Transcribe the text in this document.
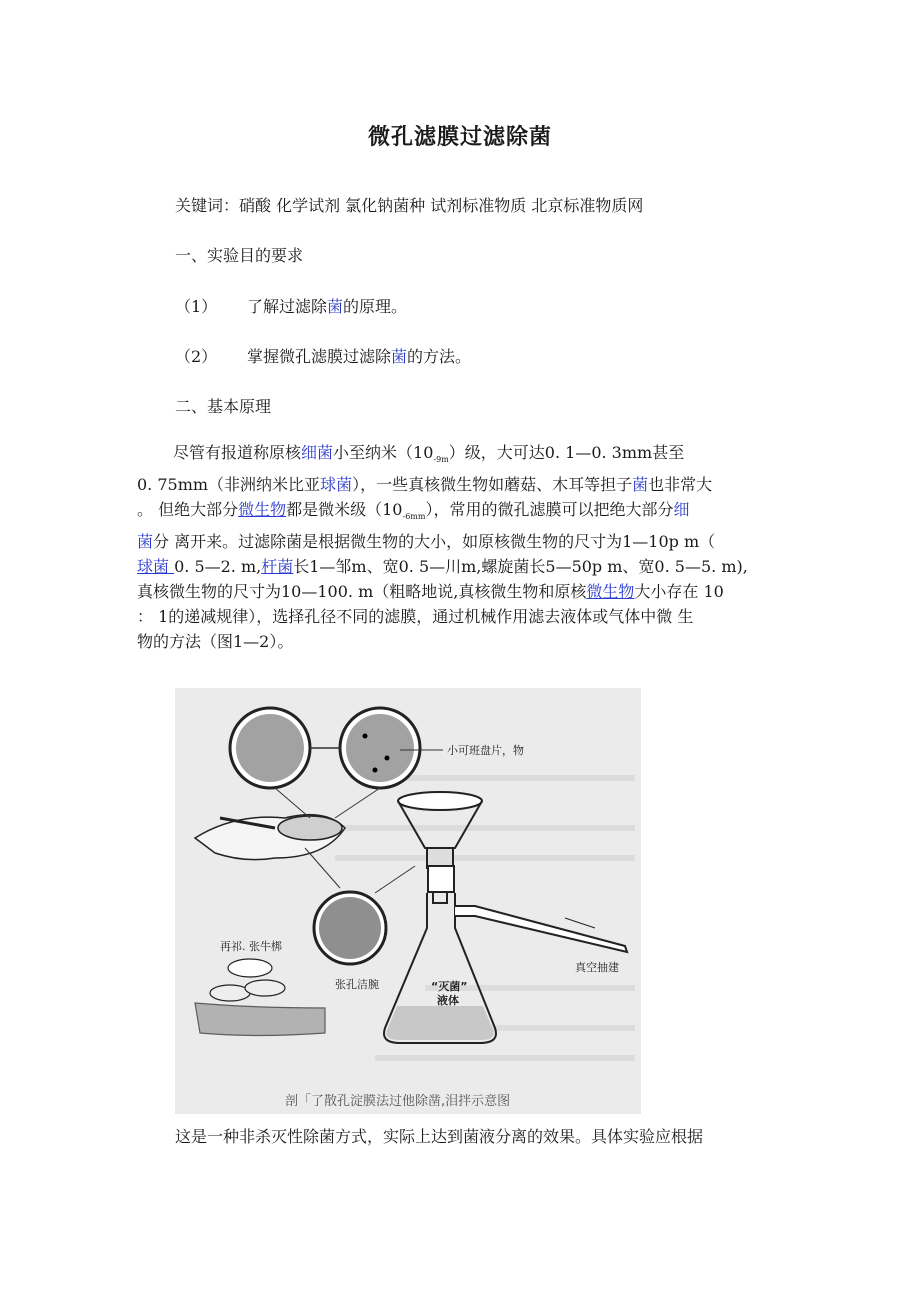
微孔滤膜过滤除菌
关键词：硝酸 化学试剂 氯化钠菌种 试剂标准物质 北京标准物质网
一、实验目的要求
（1） 了解过滤除菌的原理。
（2） 掌握微孔滤膜过滤除菌的方法。
二、基本原理
尽管有报道称原核细菌小至纳米$(10_{-9m})$级，大可达0. 1—0. 3mm甚至
0. 75mm（非洲纳米比亚球菌），一些真核微生物如蘑菇、木耳等担子菌也非常大
。 但绝大部分微生物都是微米级$(10_{-6mm})$，常用的微孔滤膜可以把绝大部分细
菌分 离开来。过滤除菌是根据微生物的大小，如原核微生物的尺寸为1—10p m（
球菌 0. 5—2. m,杆菌长1—邹m、宽0. 5—川m,螺旋菌长5—50p m、宽0. 5—5. m),
真核微生物的尺寸为10—100. m（粗略地说,真核微生物和原核微生物大小存在 10
： 1的递减规律），选择孔径不同的滤膜，通过机械作用滤去液体或气体中微 生
物的方法（图1—2）。
小可班盘片，物
真空抽建
“灭菌”
液体
再祁. 张牛梆
张孔洁腕
剖「了散孔淀膜法过他除凿,泪拌示意图
这是一种非杀灭性除菌方式，实际上达到菌液分离的效果。具体实验应根据
